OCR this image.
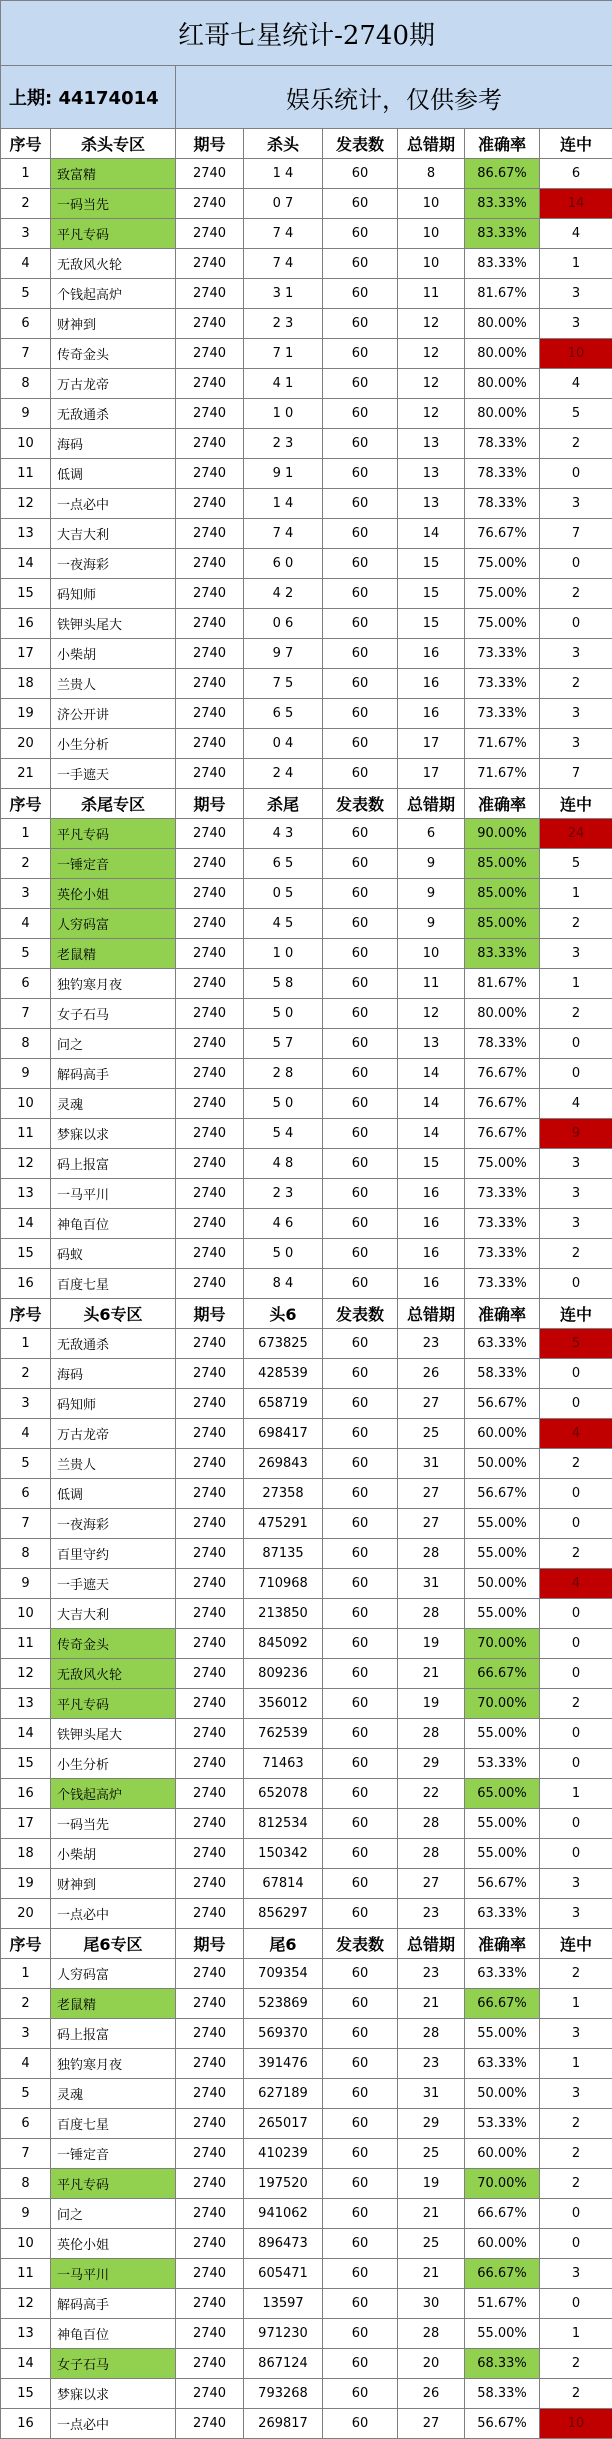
红哥七星统计-2740期							
上期: 44174014		娱乐统计，仅供参考					
序号	杀头专区	期号	杀头	发表数	总错期	准确率	连中
1	致富精	2740	1 4	60	8	86.67%	6
2	一码当先	2740	0 7	60	10	83.33%	14
3	平凡专码	2740	7 4	60	10	83.33%	4
4	无敌风火轮	2740	7 4	60	10	83.33%	1
5	个钱起高炉	2740	3 1	60	11	81.67%	3
6	财神到	2740	2 3	60	12	80.00%	3
7	传奇金头	2740	7 1	60	12	80.00%	10
8	万古龙帝	2740	4 1	60	12	80.00%	4
9	无敌通杀	2740	1 0	60	12	80.00%	5
10	海码	2740	2 3	60	13	78.33%	2
11	低调	2740	9 1	60	13	78.33%	0
12	一点必中	2740	1 4	60	13	78.33%	3
13	大吉大利	2740	7 4	60	14	76.67%	7
14	一夜海彩	2740	6 0	60	15	75.00%	0
15	码知师	2740	4 2	60	15	75.00%	2
16	铁钾头尾大	2740	0 6	60	15	75.00%	0
17	小柴胡	2740	9 7	60	16	73.33%	3
18	兰贵人	2740	7 5	60	16	73.33%	2
19	济公开讲	2740	6 5	60	16	73.33%	3
20	小生分析	2740	0 4	60	17	71.67%	3
21	一手遮天	2740	2 4	60	17	71.67%	7
序号	杀尾专区	期号	杀尾	发表数	总错期	准确率	连中
1	平凡专码	2740	4 3	60	6	90.00%	24
2	一锤定音	2740	6 5	60	9	85.00%	5
3	英伦小姐	2740	0 5	60	9	85.00%	1
4	人穷码富	2740	4 5	60	9	85.00%	2
5	老鼠精	2740	1 0	60	10	83.33%	3
6	独钓寒月夜	2740	5 8	60	11	81.67%	1
7	女子石马	2740	5 0	60	12	80.00%	2
8	问之	2740	5 7	60	13	78.33%	0
9	解码高手	2740	2 8	60	14	76.67%	0
10	灵魂	2740	5 0	60	14	76.67%	4
11	梦寐以求	2740	5 4	60	14	76.67%	9
12	码上报富	2740	4 8	60	15	75.00%	3
13	一马平川	2740	2 3	60	16	73.33%	3
14	神龟百位	2740	4 6	60	16	73.33%	3
15	码蚁	2740	5 0	60	16	73.33%	2
16	百度七星	2740	8 4	60	16	73.33%	0
序号	头6专区	期号	头6	发表数	总错期	准确率	连中
1	无敌通杀	2740	673825	60	23	63.33%	5
2	海码	2740	428539	60	26	58.33%	0
3	码知师	2740	658719	60	27	56.67%	0
4	万古龙帝	2740	698417	60	25	60.00%	4
5	兰贵人	2740	269843	60	31	50.00%	2
6	低调	2740	27358	60	27	56.67%	0
7	一夜海彩	2740	475291	60	27	55.00%	0
8	百里守约	2740	87135	60	28	55.00%	2
9	一手遮天	2740	710968	60	31	50.00%	4
10	大吉大利	2740	213850	60	28	55.00%	0
11	传奇金头	2740	845092	60	19	70.00%	0
12	无敌风火轮	2740	809236	60	21	66.67%	0
13	平凡专码	2740	356012	60	19	70.00%	2
14	铁钾头尾大	2740	762539	60	28	55.00%	0
15	小生分析	2740	71463	60	29	53.33%	0
16	个钱起高炉	2740	652078	60	22	65.00%	1
17	一码当先	2740	812534	60	28	55.00%	0
18	小柴胡	2740	150342	60	28	55.00%	0
19	财神到	2740	67814	60	27	56.67%	3
20	一点必中	2740	856297	60	23	63.33%	3
序号	尾6专区	期号	尾6	发表数	总错期	准确率	连中
1	人穷码富	2740	709354	60	23	63.33%	2
2	老鼠精	2740	523869	60	21	66.67%	1
3	码上报富	2740	569370	60	28	55.00%	3
4	独钓寒月夜	2740	391476	60	23	63.33%	1
5	灵魂	2740	627189	60	31	50.00%	3
6	百度七星	2740	265017	60	29	53.33%	2
7	一锤定音	2740	410239	60	25	60.00%	2
8	平凡专码	2740	197520	60	19	70.00%	2
9	问之	2740	941062	60	21	66.67%	0
10	英伦小姐	2740	896473	60	25	60.00%	0
11	一马平川	2740	605471	60	21	66.67%	3
12	解码高手	2740	13597	60	30	51.67%	0
13	神龟百位	2740	971230	60	28	55.00%	1
14	女子石马	2740	867124	60	20	68.33%	2
15	梦寐以求	2740	793268	60	26	58.33%	2
16	一点必中	2740	269817	60	27	56.67%	10
